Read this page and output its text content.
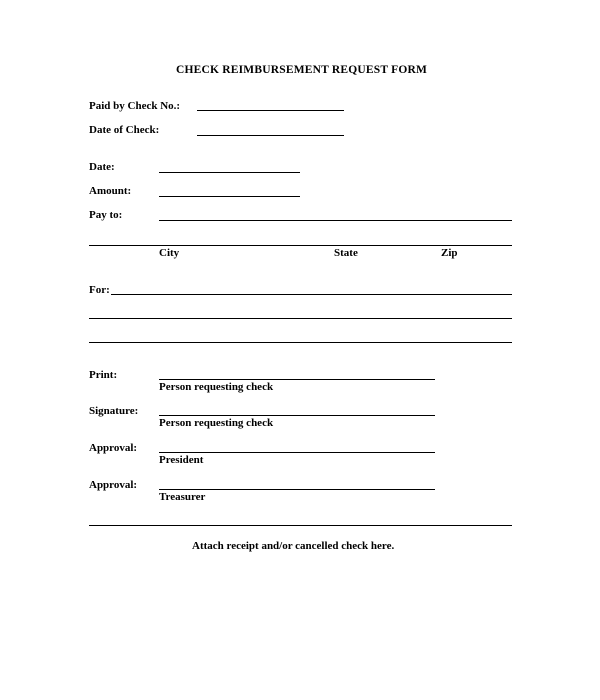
CHECK REIMBURSEMENT REQUEST FORM
Paid by Check No.:
Date of Check:
Date:
Amount:
Pay to:
City	State	Zip
For:
Print:
Person requesting check
Signature:
Person requesting check
Approval:
President
Approval:
Treasurer
Attach receipt and/or cancelled check here.
